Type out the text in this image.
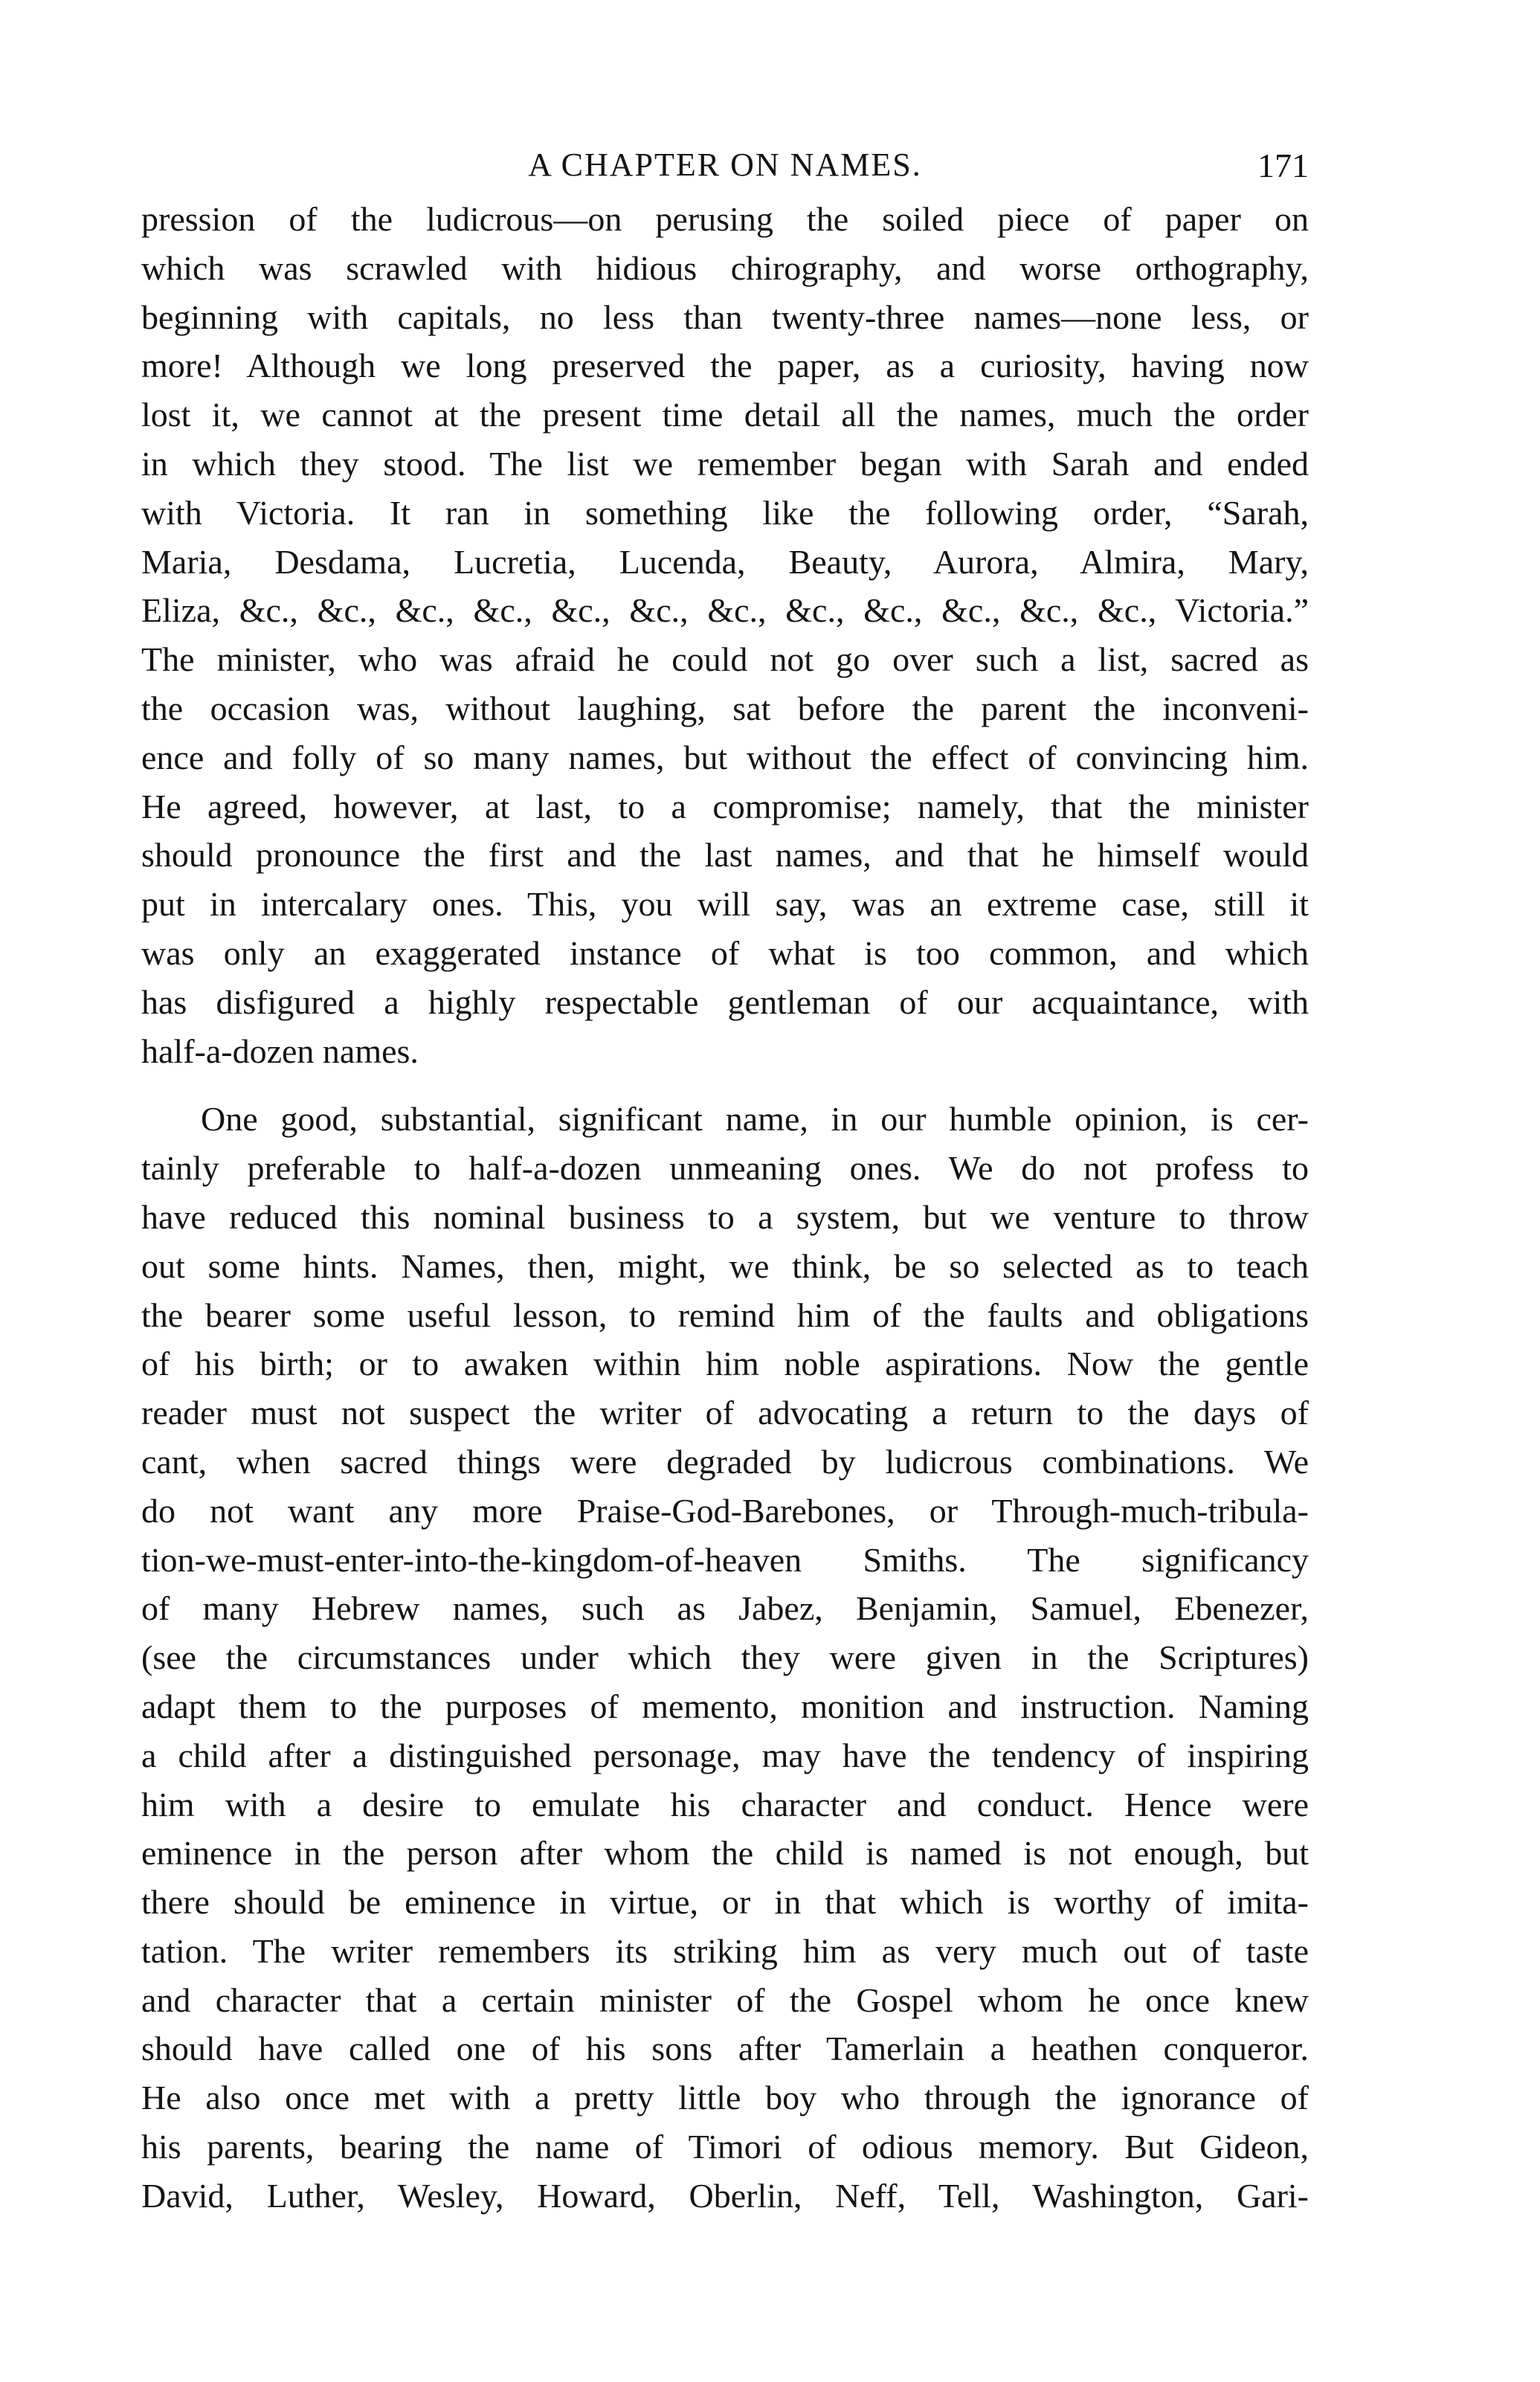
A CHAPTER ON NAMES.	171
pression of the ludicrous—on perusing the soiled piece of paper on
which was scrawled with hidious chirography, and worse orthography,
beginning with capitals, no less than twenty-three names—none less, or
more! Although we long preserved the paper, as a curiosity, having now
lost it, we cannot at the present time detail all the names, much the order
in which they stood. The list we remember began with Sarah and ended
with Victoria. It ran in something like the following order, “Sarah,
Maria, Desdama, Lucretia, Lucenda, Beauty, Aurora, Almira, Mary,
Eliza, &c., &c., &c., &c., &c., &c., &c., &c., &c., &c., &c., &c., Victoria.”
The minister, who was afraid he could not go over such a list, sacred as
the occasion was, without laughing, sat before the parent the inconveni-
ence and folly of so many names, but without the effect of convincing him.
He agreed, however, at last, to a compromise; namely, that the minister
should pronounce the first and the last names, and that he himself would
put in intercalary ones. This, you will say, was an extreme case, still it
was only an exaggerated instance of what is too common, and which
has disfigured a highly respectable gentleman of our acquaintance, with
half-a-dozen names.
One good, substantial, significant name, in our humble opinion, is cer-
tainly preferable to half-a-dozen unmeaning ones. We do not profess to
have reduced this nominal business to a system, but we venture to throw
out some hints. Names, then, might, we think, be so selected as to teach
the bearer some useful lesson, to remind him of the faults and obligations
of his birth; or to awaken within him noble aspirations. Now the gentle
reader must not suspect the writer of advocating a return to the days of
cant, when sacred things were degraded by ludicrous combinations. We
do not want any more Praise-God-Barebones, or Through-much-tribula-
tion-we-must-enter-into-the-kingdom-of-heaven Smiths. The significancy
of many Hebrew names, such as Jabez, Benjamin, Samuel, Ebenezer,
(see the circumstances under which they were given in the Scriptures)
adapt them to the purposes of memento, monition and instruction. Naming
a child after a distinguished personage, may have the tendency of inspiring
him with a desire to emulate his character and conduct. Hence were
eminence in the person after whom the child is named is not enough, but
there should be eminence in virtue, or in that which is worthy of imita-
tation. The writer remembers its striking him as very much out of taste
and character that a certain minister of the Gospel whom he once knew
should have called one of his sons after Tamerlain a heathen conqueror.
He also once met with a pretty little boy who through the ignorance of
his parents, bearing the name of Timori of odious memory. But Gideon,
David, Luther, Wesley, Howard, Oberlin, Neff, Tell, Washington, Gari-
